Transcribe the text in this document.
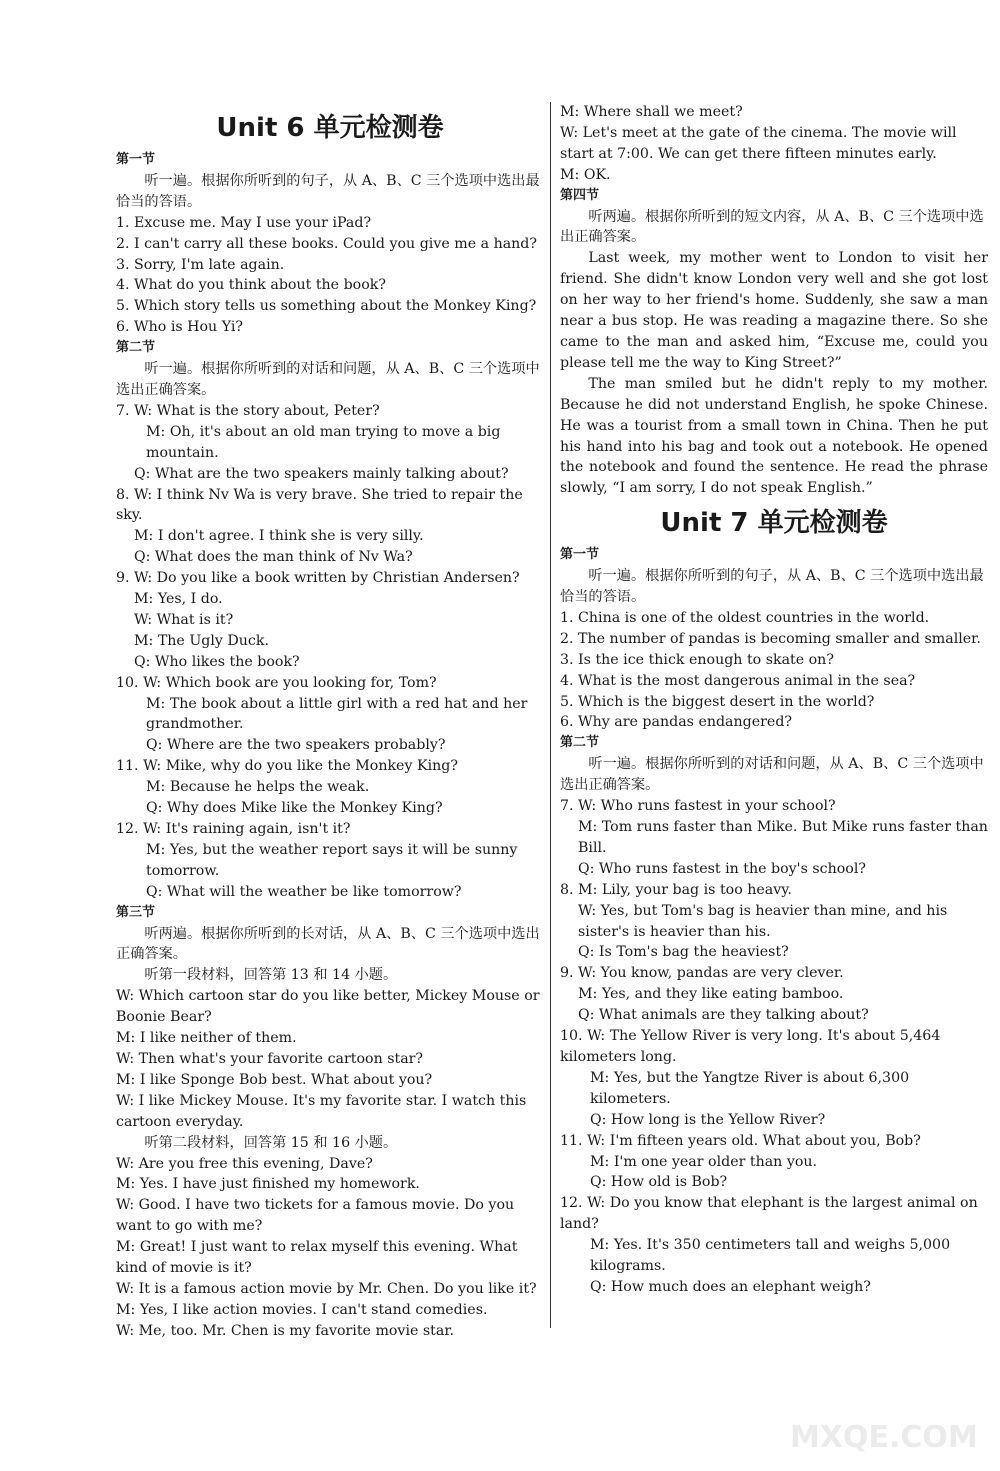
Unit 6 单元检测卷
第一节
听一遍。根据你所听到的句子，从 A、B、C 三个选项中选出最恰当的答语。
1. Excuse me. May I use your iPad?
2. I can't carry all these books. Could you give me a hand?
3. Sorry, I'm late again.
4. What do you think about the book?
5. Which story tells us something about the Monkey King?
6. Who is Hou Yi?
第二节
听一遍。根据你所听到的对话和问题，从 A、B、C 三个选项中选出正确答案。
7. W: What is the story about, Peter?
M: Oh, it's about an old man trying to move a big mountain.
Q: What are the two speakers mainly talking about?
8. W: I think Nv Wa is very brave. She tried to repair the sky.
M: I don't agree. I think she is very silly.
Q: What does the man think of Nv Wa?
9. W: Do you like a book written by Christian Andersen?
M: Yes, I do.
W: What is it?
M: The Ugly Duck.
Q: Who likes the book?
10. W: Which book are you looking for, Tom?
M: The book about a little girl with a red hat and her grandmother.
Q: Where are the two speakers probably?
11. W: Mike, why do you like the Monkey King?
M: Because he helps the weak.
Q: Why does Mike like the Monkey King?
12. W: It's raining again, isn't it?
M: Yes, but the weather report says it will be sunny tomorrow.
Q: What will the weather be like tomorrow?
第三节
听两遍。根据你所听到的长对话，从 A、B、C 三个选项中选出正确答案。
听第一段材料，回答第 13 和 14 小题。
W: Which cartoon star do you like better, Mickey Mouse or Boonie Bear?
M: I like neither of them.
W: Then what's your favorite cartoon star?
M: I like Sponge Bob best. What about you?
W: I like Mickey Mouse. It's my favorite star. I watch this cartoon everyday.
听第二段材料，回答第 15 和 16 小题。
W: Are you free this evening, Dave?
M: Yes. I have just finished my homework.
W: Good. I have two tickets for a famous movie. Do you want to go with me?
M: Great! I just want to relax myself this evening. What kind of movie is it?
W: It is a famous action movie by Mr. Chen. Do you like it?
M: Yes, I like action movies. I can't stand comedies.
W: Me, too. Mr. Chen is my favorite movie star.
M: Where shall we meet?
W: Let's meet at the gate of the cinema. The movie will start at 7:00. We can get there fifteen minutes early.
M: OK.
第四节
听两遍。根据你所听到的短文内容，从 A、B、C 三个选项中选出正确答案。
Last week, my mother went to London to visit her friend. She didn't know London very well and she got lost on her way to her friend's home. Suddenly, she saw a man near a bus stop. He was reading a magazine there. So she came to the man and asked him, “Excuse me, could you please tell me the way to King Street?”
The man smiled but he didn't reply to my mother. Because he did not understand English, he spoke Chinese. He was a tourist from a small town in China. Then he put his hand into his bag and took out a notebook. He opened the notebook and found the sentence. He read the phrase slowly, “I am sorry, I do not speak English.”
Unit 7 单元检测卷
第一节
听一遍。根据你所听到的句子，从 A、B、C 三个选项中选出最恰当的答语。
1. China is one of the oldest countries in the world.
2. The number of pandas is becoming smaller and smaller.
3. Is the ice thick enough to skate on?
4. What is the most dangerous animal in the sea?
5. Which is the biggest desert in the world?
6. Why are pandas endangered?
第二节
听一遍。根据你所听到的对话和问题，从 A、B、C 三个选项中选出正确答案。
7. W: Who runs fastest in your school?
M: Tom runs faster than Mike. But Mike runs faster than Bill.
Q: Who runs fastest in the boy's school?
8. M: Lily, your bag is too heavy.
W: Yes, but Tom's bag is heavier than mine, and his sister's is heavier than his.
Q: Is Tom's bag the heaviest?
9. W: You know, pandas are very clever.
M: Yes, and they like eating bamboo.
Q: What animals are they talking about?
10. W: The Yellow River is very long. It's about 5,464 kilometers long.
M: Yes, but the Yangtze River is about 6,300 kilometers.
Q: How long is the Yellow River?
11. W: I'm fifteen years old. What about you, Bob?
M: I'm one year older than you.
Q: How old is Bob?
12. W: Do you know that elephant is the largest animal on land?
M: Yes. It's 350 centimeters tall and weighs 5,000 kilograms.
Q: How much does an elephant weigh?
MXQE.COM
